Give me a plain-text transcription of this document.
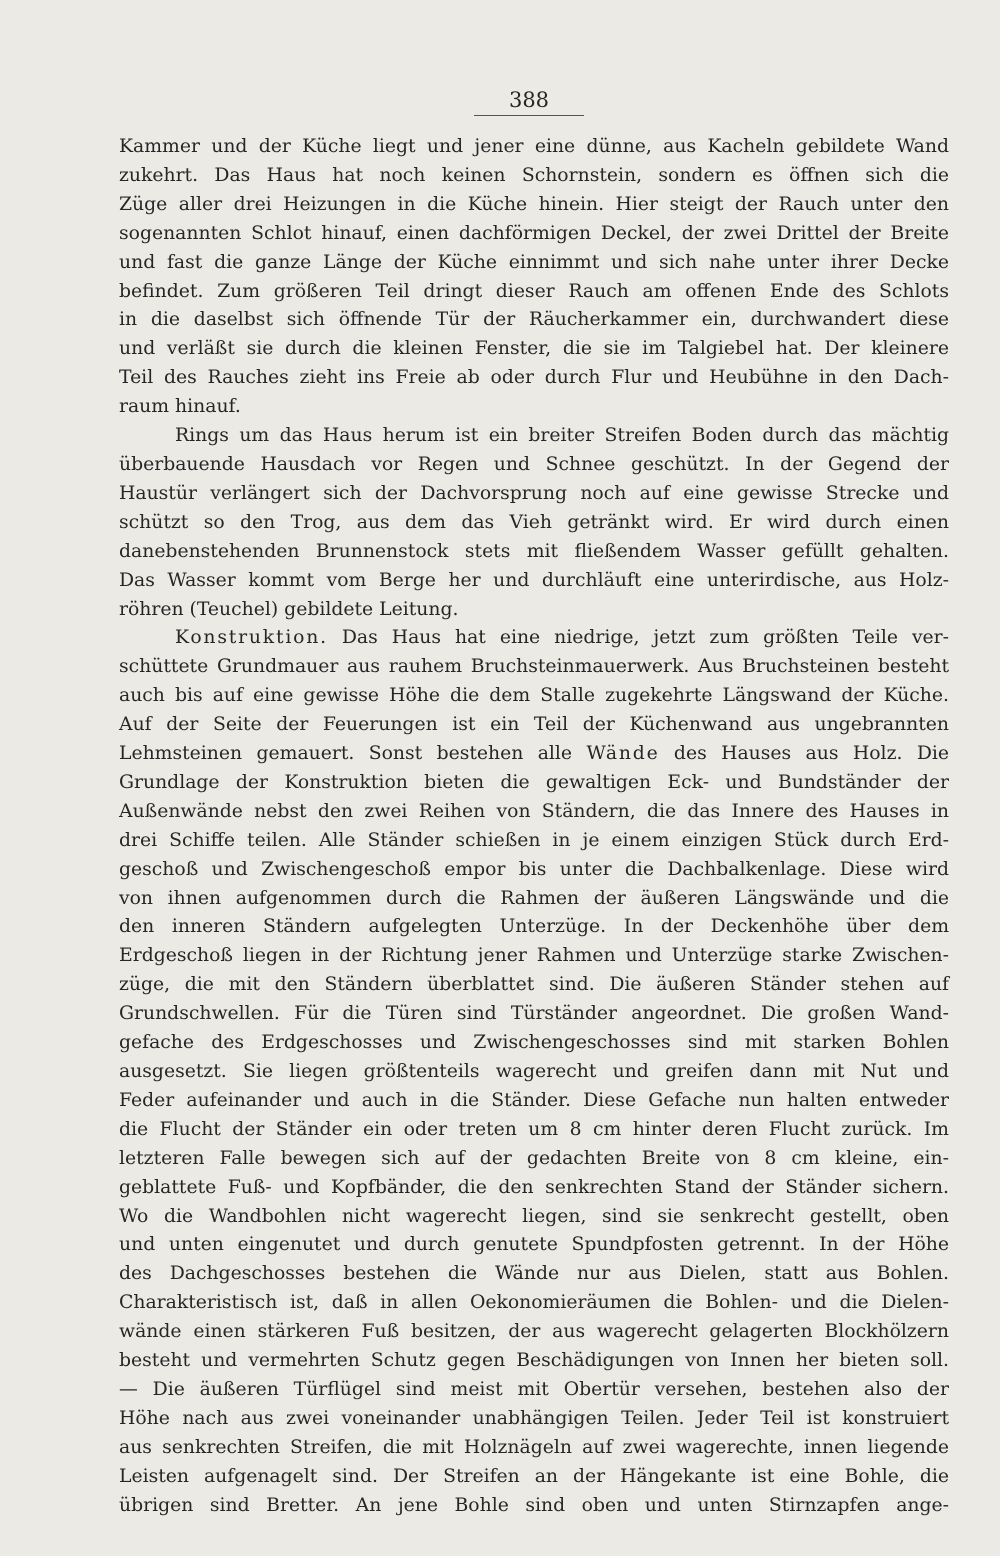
388

Kammer und der Küche liegt und jener eine dünne, aus Kacheln gebildete Wand

zukehrt. Das Haus hat noch keinen Schornstein, sondern es öffnen sich die

Züge aller drei Heizungen in die Küche hinein. Hier steigt der Rauch unter den

sogenannten Schlot hinauf, einen dachförmigen Deckel, der zwei Drittel der Breite

und fast die ganze Länge der Küche einnimmt und sich nahe unter ihrer Decke

befindet. Zum größeren Teil dringt dieser Rauch am offenen Ende des Schlots

in die daselbst sich öffnende Tür der Räucherkammer ein, durchwandert diese

und verläßt sie durch die kleinen Fenster, die sie im Talgiebel hat. Der kleinere

Teil des Rauches zieht ins Freie ab oder durch Flur und Heubühne in den Dach-

raum hinauf.

Rings um das Haus herum ist ein breiter Streifen Boden durch das mächtig

überbauende Hausdach vor Regen und Schnee geschützt. In der Gegend der

Haustür verlängert sich der Dachvorsprung noch auf eine gewisse Strecke und

schützt so den Trog, aus dem das Vieh getränkt wird. Er wird durch einen

danebenstehenden Brunnenstock stets mit fließendem Wasser gefüllt gehalten.

Das Wasser kommt vom Berge her und durchläuft eine unterirdische, aus Holz-

röhren (Teuchel) gebildete Leitung.

Konstruktion. Das Haus hat eine niedrige, jetzt zum größten Teile ver-

schüttete Grundmauer aus rauhem Bruchsteinmauerwerk. Aus Bruchsteinen besteht

auch bis auf eine gewisse Höhe die dem Stalle zugekehrte Längswand der Küche.

Auf der Seite der Feuerungen ist ein Teil der Küchenwand aus ungebrannten

Lehmsteinen gemauert. Sonst bestehen alle Wände des Hauses aus Holz. Die

Grundlage der Konstruktion bieten die gewaltigen Eck- und Bundständer der

Außenwände nebst den zwei Reihen von Ständern, die das Innere des Hauses in

drei Schiffe teilen. Alle Ständer schießen in je einem einzigen Stück durch Erd-

geschoß und Zwischengeschoß empor bis unter die Dachbalkenlage. Diese wird

von ihnen aufgenommen durch die Rahmen der äußeren Längswände und die

den inneren Ständern aufgelegten Unterzüge. In der Deckenhöhe über dem

Erdgeschoß liegen in der Richtung jener Rahmen und Unterzüge starke Zwischen-

züge, die mit den Ständern überblattet sind. Die äußeren Ständer stehen auf

Grundschwellen. Für die Türen sind Türständer angeordnet. Die großen Wand-

gefache des Erdgeschosses und Zwischengeschosses sind mit starken Bohlen

ausgesetzt. Sie liegen größtenteils wagerecht und greifen dann mit Nut und

Feder aufeinander und auch in die Ständer. Diese Gefache nun halten entweder

die Flucht der Ständer ein oder treten um 8 cm hinter deren Flucht zurück. Im

letzteren Falle bewegen sich auf der gedachten Breite von 8 cm kleine, ein-

geblattete Fuß- und Kopfbänder, die den senkrechten Stand der Ständer sichern.

Wo die Wandbohlen nicht wagerecht liegen, sind sie senkrecht gestellt, oben

und unten eingenutet und durch genutete Spundpfosten getrennt. In der Höhe

des Dachgeschosses bestehen die Wände nur aus Dielen, statt aus Bohlen.

Charakteristisch ist, daß in allen Oekonomieräumen die Bohlen- und die Dielen-

wände einen stärkeren Fuß besitzen, der aus wagerecht gelagerten Blockhölzern

besteht und vermehrten Schutz gegen Beschädigungen von Innen her bieten soll.

— Die äußeren Türflügel sind meist mit Obertür versehen, bestehen also der

Höhe nach aus zwei voneinander unabhängigen Teilen. Jeder Teil ist konstruiert

aus senkrechten Streifen, die mit Holznägeln auf zwei wagerechte, innen liegende

Leisten aufgenagelt sind. Der Streifen an der Hängekante ist eine Bohle, die

übrigen sind Bretter. An jene Bohle sind oben und unten Stirnzapfen ange-
